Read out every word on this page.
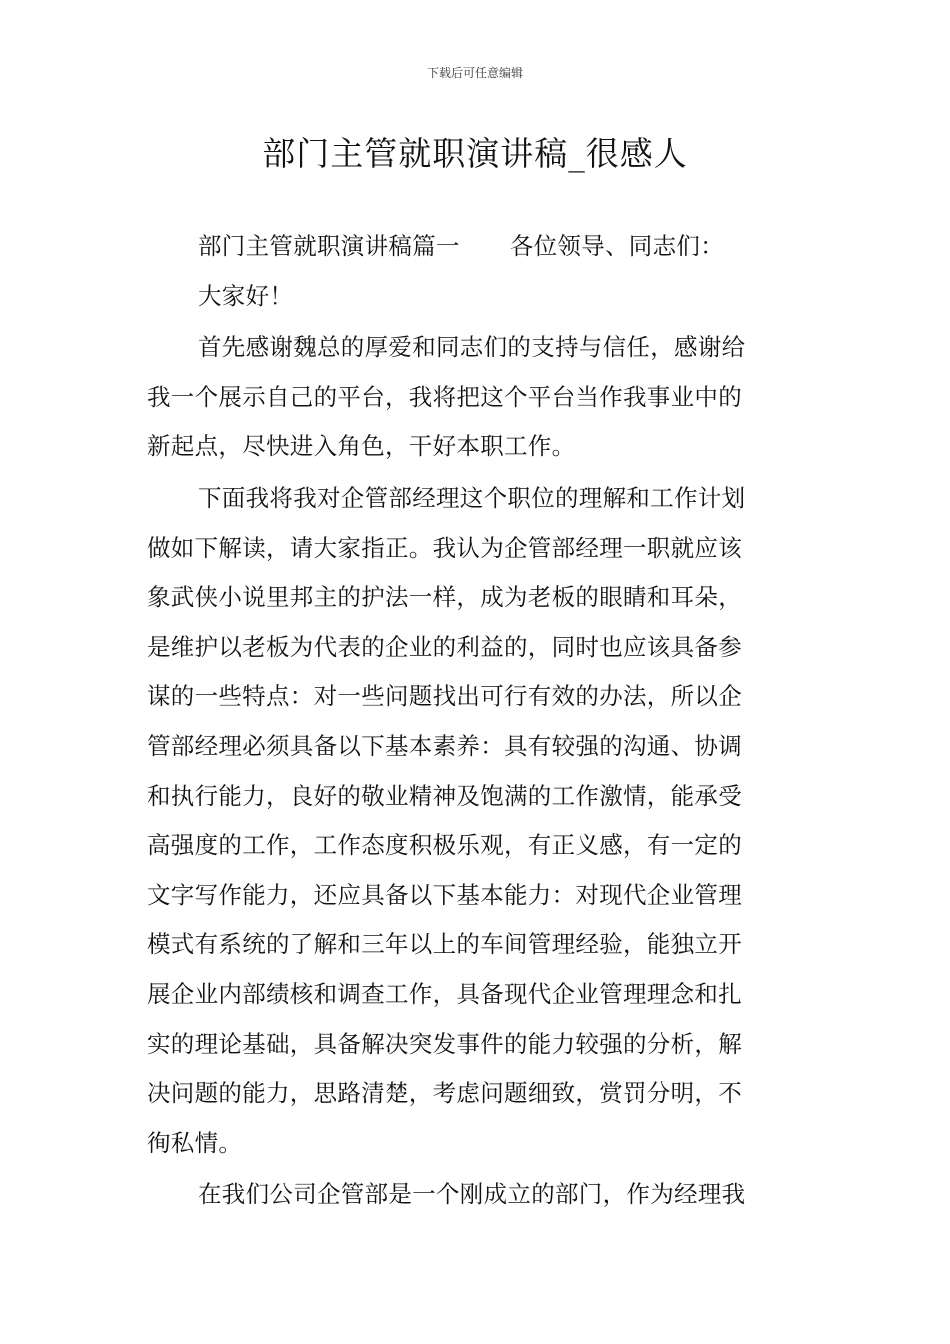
下载后可任意编辑
部门主管就职演讲稿_很感人

部门主管就职演讲稿篇一 各位领导、同志们：

大家好！

首先感谢魏总的厚爱和同志们的支持与信任，感谢给
我一个展示自己的平台，我将把这个平台当作我事业中的
新起点，尽快进入角色，干好本职工作。

下面我将我对企管部经理这个职位的理解和工作计划
做如下解读，请大家指正。我认为企管部经理一职就应该
象武侠小说里邦主的护法一样，成为老板的眼睛和耳朵，
是维护以老板为代表的企业的利益的，同时也应该具备参
谋的一些特点：对一些问题找出可行有效的办法，所以企
管部经理必须具备以下基本素养：具有较强的沟通、协调
和执行能力，良好的敬业精神及饱满的工作激情，能承受
高强度的工作，工作态度积极乐观，有正义感，有一定的
文字写作能力，还应具备以下基本能力：对现代企业管理
模式有系统的了解和三年以上的车间管理经验，能独立开
展企业内部绩核和调查工作，具备现代企业管理理念和扎
实的理论基础，具备解决突发事件的能力较强的分析，解
决问题的能力，思路清楚，考虑问题细致，赏罚分明，不
徇私情。

在我们公司企管部是一个刚成立的部门，作为经理我
